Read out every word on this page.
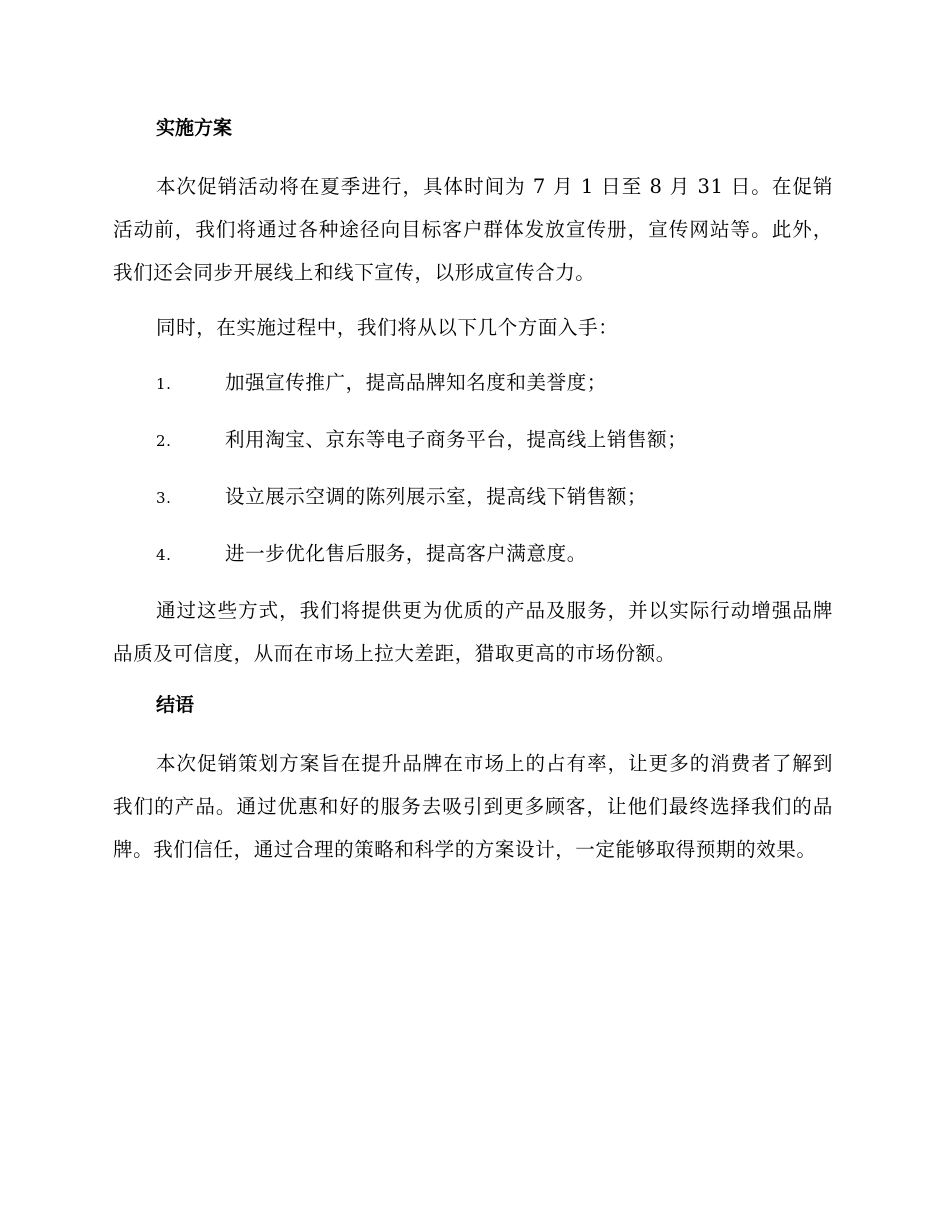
实施方案

本次促销活动将在夏季进行，具体时间为 7 月 1 日至 8 月 31 日。在促销活动前，我们将通过各种途径向目标客户群体发放宣传册，宣传网站等。此外，我们还会同步开展线上和线下宣传，以形成宣传合力。

同时，在实施过程中，我们将从以下几个方面入手：

1.	加强宣传推广，提高品牌知名度和美誉度；
2.	利用淘宝、京东等电子商务平台，提高线上销售额；
3.	设立展示空调的陈列展示室，提高线下销售额；
4.	进一步优化售后服务，提高客户满意度。

通过这些方式，我们将提供更为优质的产品及服务，并以实际行动增强品牌品质及可信度，从而在市场上拉大差距，猎取更高的市场份额。

结语

本次促销策划方案旨在提升品牌在市场上的占有率，让更多的消费者了解到我们的产品。通过优惠和好的服务去吸引到更多顾客，让他们最终选择我们的品牌。我们信任，通过合理的策略和科学的方案设计，一定能够取得预期的效果。
